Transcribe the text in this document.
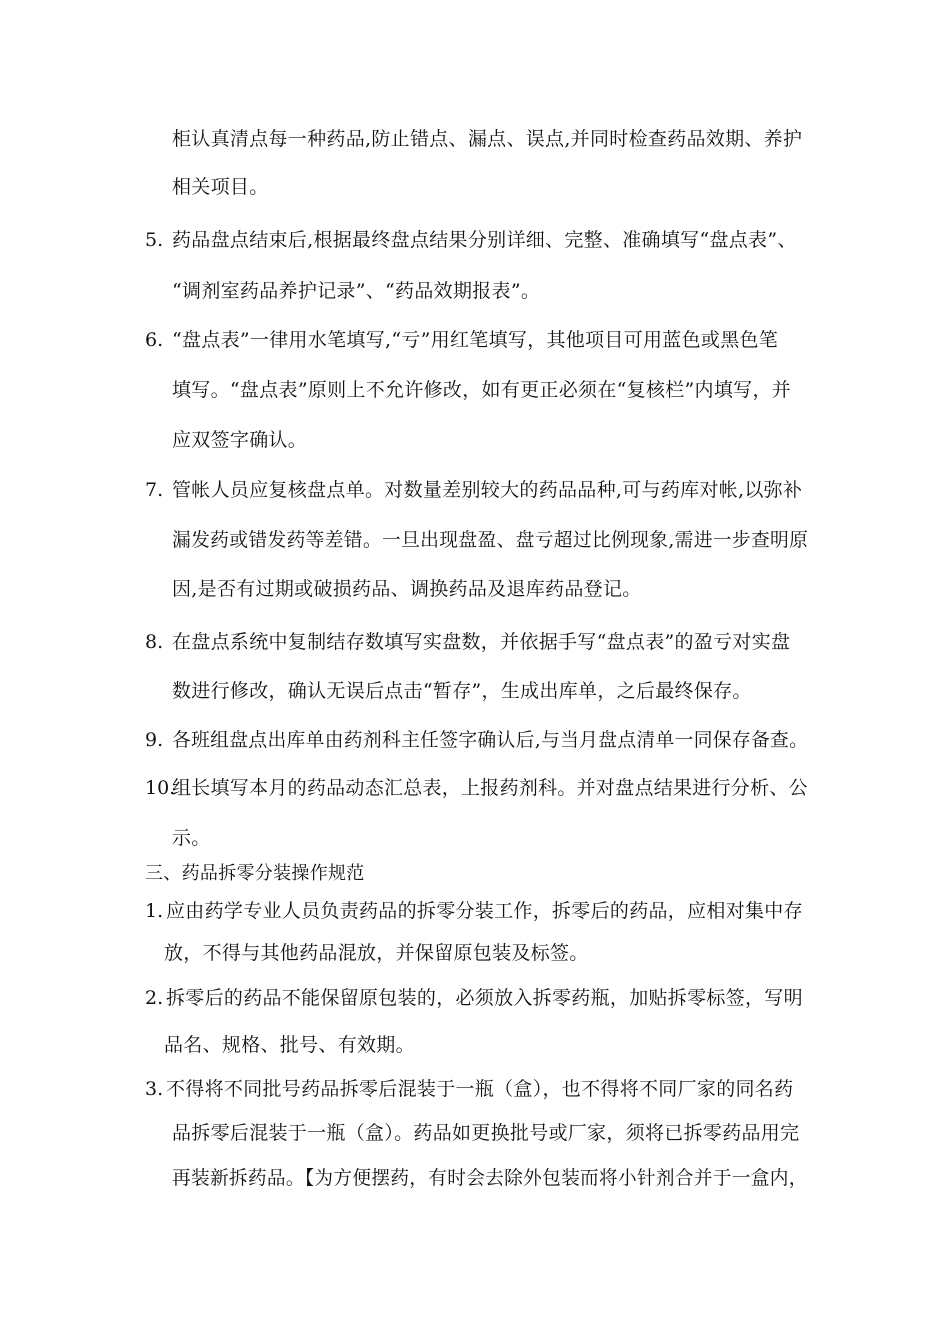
柜认真清点每一种药品,防止错点、漏点、误点,并同时检查药品效期、养护
相关项目。
5. 药品盘点结束后,根据最终盘点结果分别详细、完整、准确填写“盘点表”、
“调剂室药品养护记录”、“药品效期报表”。
6. “盘点表”一律用水笔填写,“亏”用红笔填写，其他项目可用蓝色或黑色笔
填写。“盘点表”原则上不允许修改，如有更正必须在“复核栏”内填写，并
应双签字确认。
7. 管帐人员应复核盘点单。对数量差别较大的药品品种,可与药库对帐,以弥补
漏发药或错发药等差错。一旦出现盘盈、盘亏超过比例现象,需进一步查明原
因,是否有过期或破损药品、调换药品及退库药品登记。
8. 在盘点系统中复制结存数填写实盘数，并依据手写“盘点表”的盈亏对实盘
数进行修改，确认无误后点击“暂存”，生成出库单，之后最终保存。
9. 各班组盘点出库单由药剂科主任签字确认后,与当月盘点清单一同保存备查。
10.
组长填写本月的药品动态汇总表，上报药剂科。并对盘点结果进行分析、公
示。
三、药品拆零分装操作规范
1. 应由药学专业人员负责药品的拆零分装工作，拆零后的药品，应相对集中存
放，不得与其他药品混放，并保留原包装及标签。
2. 拆零后的药品不能保留原包装的，必须放入拆零药瓶，加贴拆零标签，写明
品名、规格、批号、有效期。
3. 不得将不同批号药品拆零后混装于一瓶（盒），也不得将不同厂家的同名药
品拆零后混装于一瓶（盒）。药品如更换批号或厂家，须将已拆零药品用完
再装新拆药品。【为方便摆药，有时会去除外包装而将小针剂合并于一盒内，
